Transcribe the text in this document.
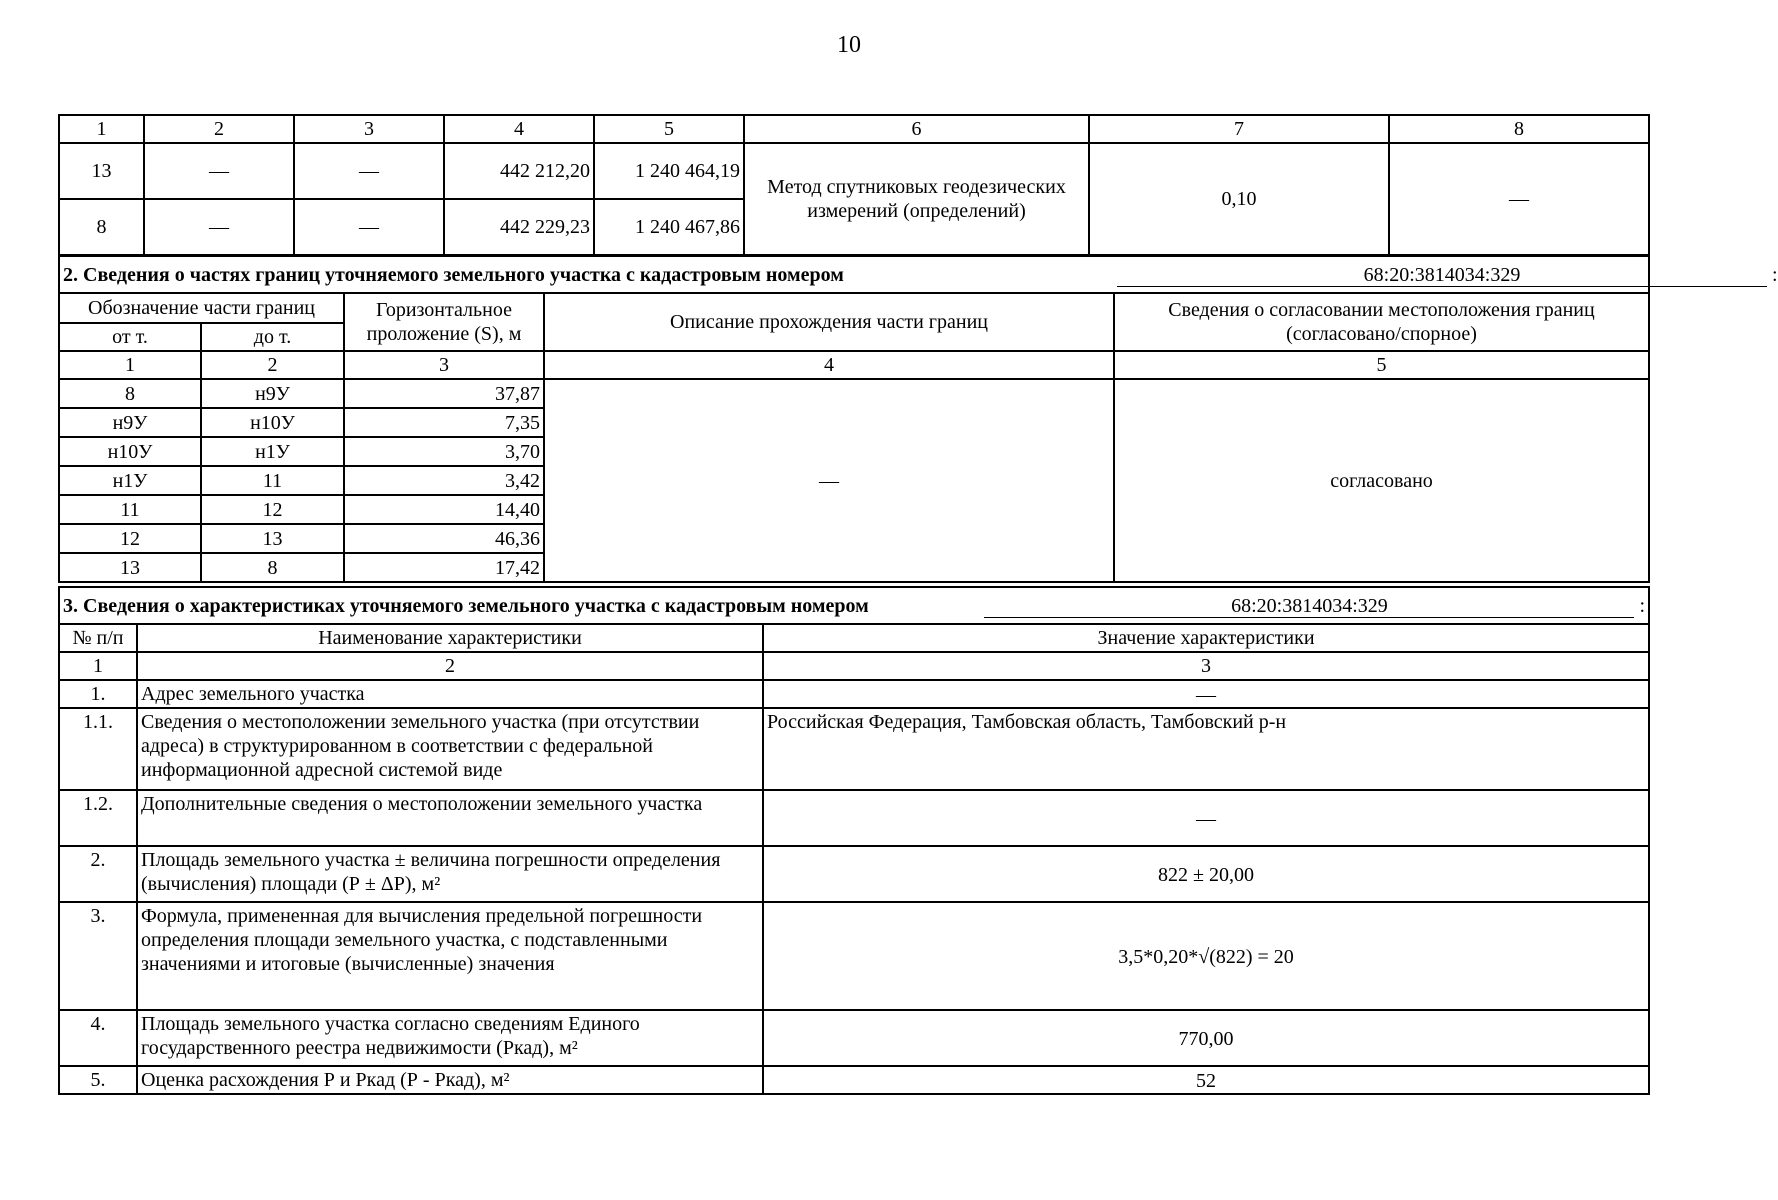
10
1	2	3	4	5	6	7	8
13	—	—	442 212,20	1 240 464,19	Метод спутниковых геодезических измерений (определений)	0,10	—
8	—	—	442 229,23	1 240 467,86			
2. Сведения о частях границ уточняемого земельного участка с кадастровым номером				68:20:3814034:329 :
Обозначение части границ		Горизонтальное проложение (S), м	Описание прохождения части границ	Сведения о согласовании местоположения границ (согласовано/спорное)
от т.	до т.			
1	2	3	4	5
8	н9У	37,87	—	согласовано
н9У	н10У	7,35		
н10У	н1У	3,70		
н1У	11	3,42		
11	12	14,40		
12	13	46,36		
13	8	17,42		
3. Сведения о характеристиках уточняемого земельного участка с кадастровым номером		68:20:3814034:329 :
№ п/п	Наименование характеристики	Значение характеристики
1	2	3
1.	Адрес земельного участка	—
1.1.	Сведения о местоположении земельного участка (при отсутствии адреса) в структурированном в соответствии с федеральной информационной адресной системой виде	Российская Федерация, Тамбовская область, Тамбовский р-н
1.2.	Дополнительные сведения о местоположении земельного участка	—
2.	Площадь земельного участка ± величина погрешности определения (вычисления) площади (Р ± ΔР), м²	822 ± 20,00
3.	Формула, примененная для вычисления предельной погрешности определения площади земельного участка, с подставленными значениями и итоговые (вычисленные) значения	3,5*0,20*√(822) = 20
4.	Площадь земельного участка согласно сведениям Единого государственного реестра недвижимости (Ркад), м²	770,00
5.	Оценка расхождения Р и Ркад (Р - Ркад), м²	52
